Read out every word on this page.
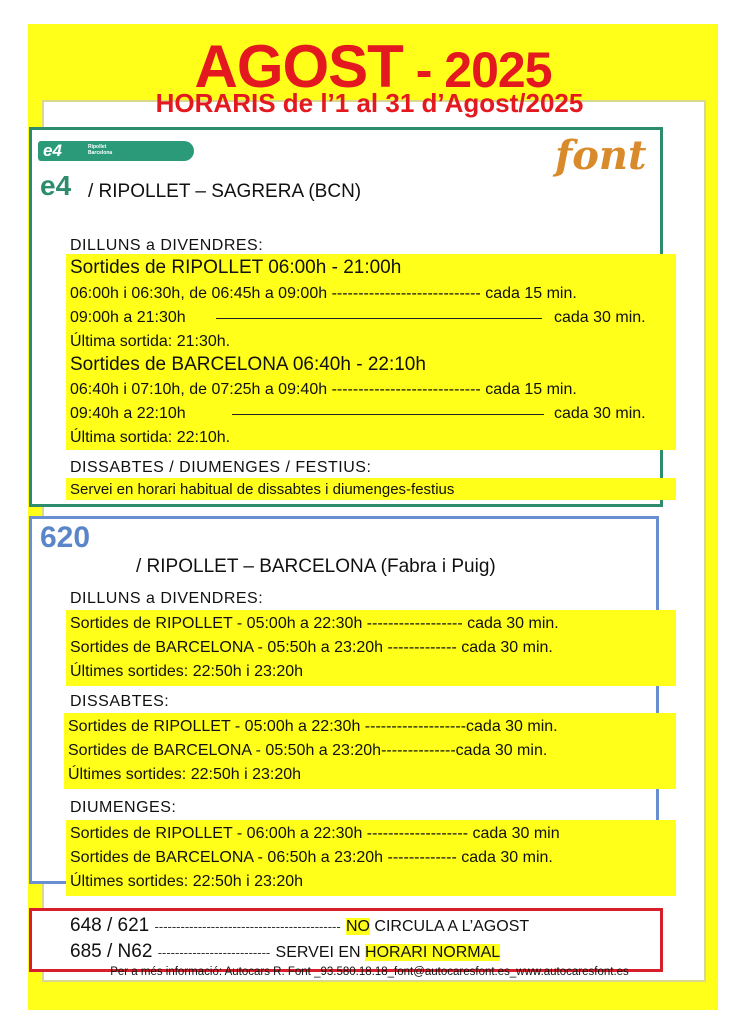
AGOST - 2025
HORARIS de l’1 al 31 d’Agost/2025
e4	Ripollet
Barcelona	font
e4 / RIPOLLET – SAGRERA (BCN)
DILLUNS a DIVENDRES:
Sortides de RIPOLLET 06:00h - 21:00h
06:00h i 06:30h, de 06:45h a 09:00h ---------------------------- cada 15 min.
09:00h a 21:30h	cada 30 min.
Última sortida: 21:30h.
Sortides de BARCELONA 06:40h - 22:10h
06:40h i 07:10h, de 07:25h a 09:40h ---------------------------- cada 15 min.
09:40h a 22:10h	cada 30 min.
Última sortida: 22:10h.
DISSABTES / DIUMENGES / FESTIUS:
Servei en horari habitual de dissabtes i diumenges-festius
620
/ RIPOLLET – BARCELONA (Fabra i Puig)
DILLUNS a DIVENDRES:
Sortides de RIPOLLET - 05:00h a 22:30h ------------------ cada 30 min.
Sortides de BARCELONA - 05:50h a 23:20h ------------- cada 30 min.
Últimes sortides: 22:50h i 23:20h
DISSABTES:
Sortides de RIPOLLET - 05:00h a 22:30h -------------------cada 30 min.
Sortides de BARCELONA - 05:50h a 23:20h--------------cada 30 min.
Últimes sortides: 22:50h i 23:20h
DIUMENGES:
Sortides de RIPOLLET - 06:00h a 22:30h ------------------- cada 30 min
Sortides de BARCELONA - 06:50h a 23:20h ------------- cada 30 min.
Últimes sortides: 22:50h i 23:20h
648 / 621 ------------------------------------------- NO CIRCULA A L’AGOST
685 / N62 -------------------------- SERVEI EN HORARI NORMAL
Per a més informació: Autocars R. Font _93.580.18.18_font@autocaresfont.es_www.autocaresfont.es
